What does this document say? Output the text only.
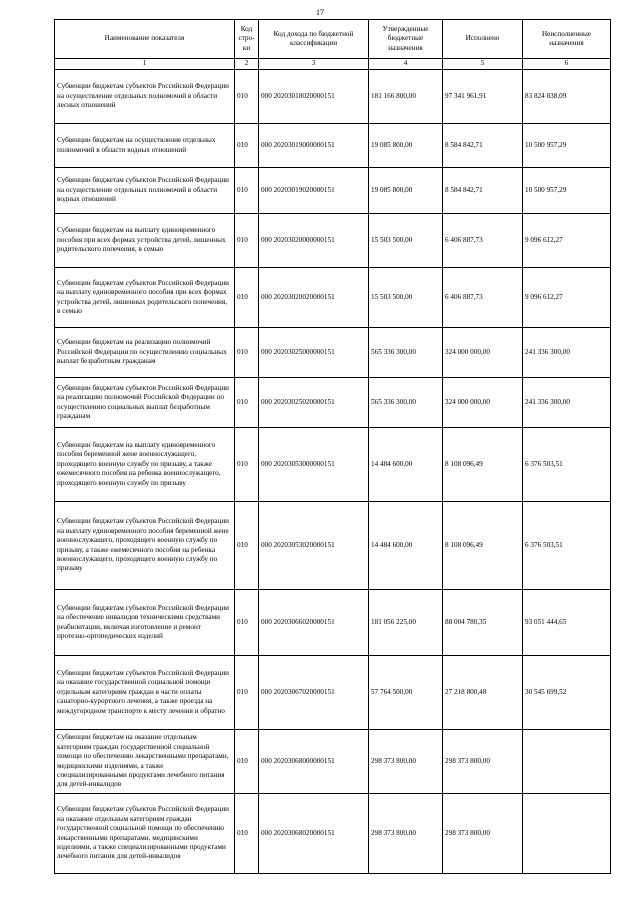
17
Наименование показателя	Код стро- ки	Код дохода по бюджетной классификации	Утвержденные бюджетные назначения	Исполнено	Неисполненные назначения
1	2	3	4	5	6
Субвенции бюджетам субъектов Российской Федерации на осуществление отдельных полномочий в области лесных отношений	010	000 20203018020000151	181 166 800,00	97 341 961,91	83 824 838,09
Субвенции бюджетам на осуществление отдельных полномочий в области водных отношений	010	000 20203019000000151	19 085 800,00	8 584 842,71	10 500 957,29
Субвенции бюджетам субъектов Российской Федерации на осуществление отдельных полномочий в области водных отношений	010	000 20203019020000151	19 085 800,00	8 584 842,71	10 500 957,29
Субвенции бюджетам на выплату единовременного пособия при всех формах устройства детей, лишенных родительского попечения, в семью	010	000 20203020000000151	15 503 500,00	6 406 887,73	9 096 612,27
Субвенции бюджетам субъектов Российской Федерации на выплату единовременного пособия при всех формах устройства детей, лишенных родительского попечения, в семью	010	000 20203020020000151	15 503 500,00	6 406 887,73	9 096 612,27
Субвенции бюджетам на реализацию полномочий Российской Федерации по осуществлению социальных выплат безработным гражданам	010	000 20203025000000151	565 336 300,00	324 000 000,00	241 336 300,00
Субвенции бюджетам субъектов Российской Федерации на реализацию полномочий Российской Федерации по осуществлению социальных выплат безработным гражданам	010	000 20203025020000151	565 336 300,00	324 000 000,00	241 336 300,00
Субвенции бюджетам на выплату единовременного пособия беременной жене военнослужащего, проходящего военную службу по призыву, а также ежемесячного пособия на ребенка военнослужащего, проходящего военную службу по призыву	010	000 20203053000000151	14 484 600,00	8 108 096,49	6 376 503,51
Субвенции бюджетам субъектов Российской Федерации на выплату единовременного пособия беременной жене военнослужащего, проходящего военную службу по призыву, а также ежемесячного пособия на ребенка военнослужащего, проходящего военную службу по призыву	010	000 20203053020000151	14 484 600,00	8 108 096,49	6 376 503,51
Субвенции бюджетам субъектов Российской Федерации на обеспечение инвалидов техническими средствами реабилитации, включая изготовление и ремонт протезно-ортопедических изделий	010	000 20203066020000151	181 056 225,00	88 004 780,35	93 051 444,65
Субвенции бюджетам субъектов Российской Федерации на оказание государственной социальной помощи отдельным категориям граждан в части оплаты санаторно-курортного лечения, а также проезда на междугородном транспорте к месту лечения и обратно	010	000 20203067020000151	57 764 500,00	27 218 800,48	30 545 699,52
Субвенции бюджетам на оказание отдельным категориям граждан государственной социальной помощи по обеспечению лекарственными препаратами, медицинскими изделиями, а также специализированными продуктами лечебного питания для детей-инвалидов	010	000 20203068000000151	298 373 800,00	298 373 800,00	
Субвенции бюджетам субъектов Российской Федерации на оказание отдельным категориям граждан государственной социальной помощи по обеспечению лекарственными препаратами, медицинскими изделиями, а также специализированными продуктами лечебного питания для детей-инвалидов	010	000 20203068020000151	298 373 800,00	298 373 800,00	
